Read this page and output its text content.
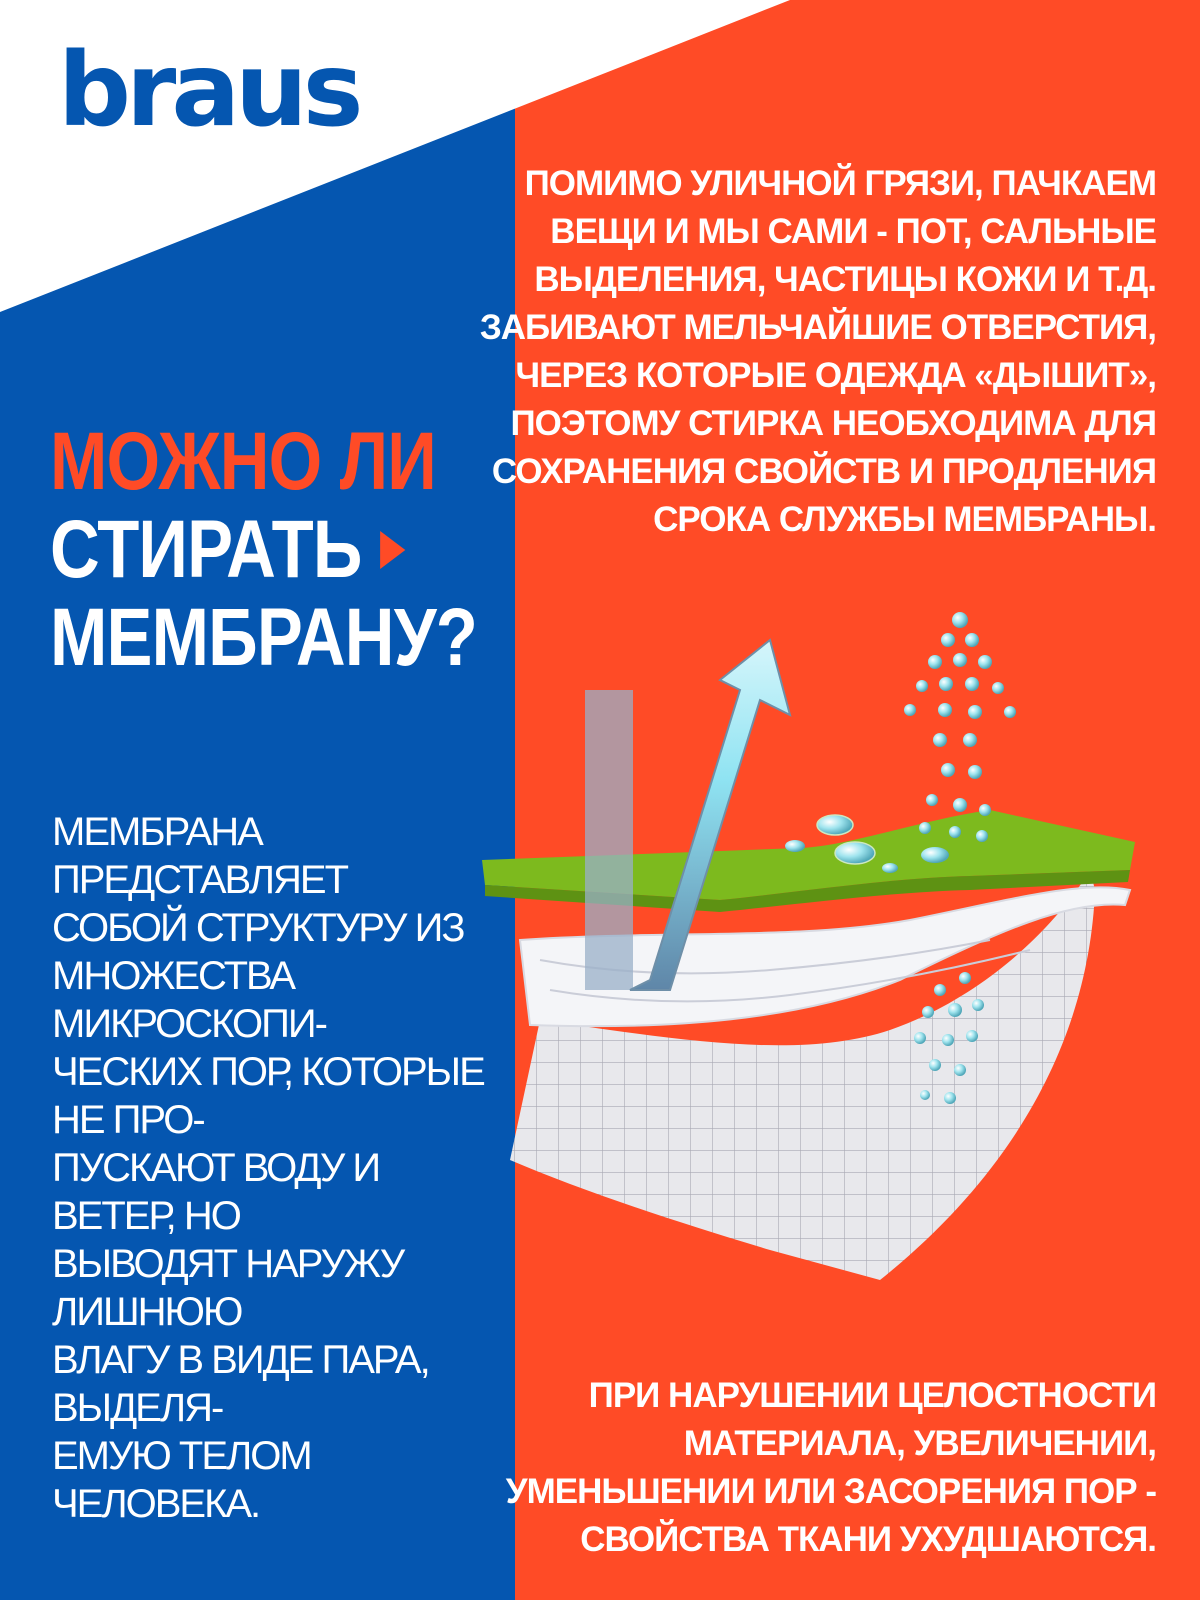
braus
МОЖНО ЛИ
СТИРАТЬ
МЕМБРАНУ?

МЕМБРАНА ПРЕДСТАВЛЯЕТ
СОБОЙ СТРУКТУРУ ИЗ
МНОЖЕСТВА МИКРОСКОПИ-
ЧЕСКИХ ПОР, КОТОРЫЕ НЕ ПРО-
ПУСКАЮТ ВОДУ И ВЕТЕР, НО
ВЫВОДЯТ НАРУЖУ ЛИШНЮЮ
ВЛАГУ В ВИДЕ ПАРА, ВЫДЕЛЯ-
ЕМУЮ ТЕЛОМ ЧЕЛОВЕКА.

ПОМИМО УЛИЧНОЙ ГРЯЗИ, ПАЧКАЕМ ВЕЩИ И МЫ САМИ - ПОТ, САЛЬНЫЕ ВЫДЕЛЕНИЯ, ЧАСТИЦЫ КОЖИ И Т.Д. ЗАБИВАЮТ МЕЛЬЧАЙШИЕ ОТВЕРСТИЯ, ЧЕРЕЗ КОТОРЫЕ ОДЕЖДА «ДЫШИТ», ПОЭТОМУ СТИРКА НЕОБХОДИМА ДЛЯ СОХРАНЕНИЯ СВОЙСТВ И ПРОДЛЕНИЯ СРОКА СЛУЖБЫ МЕМБРАНЫ.

ПРИ НАРУШЕНИИ ЦЕЛОСТНОСТИ МАТЕРИАЛА, УВЕЛИЧЕНИИ, УМЕНЬШЕНИИ ИЛИ ЗАСОРЕНИЯ ПОР - СВОЙСТВА ТКАНИ УХУДШАЮТСЯ.
